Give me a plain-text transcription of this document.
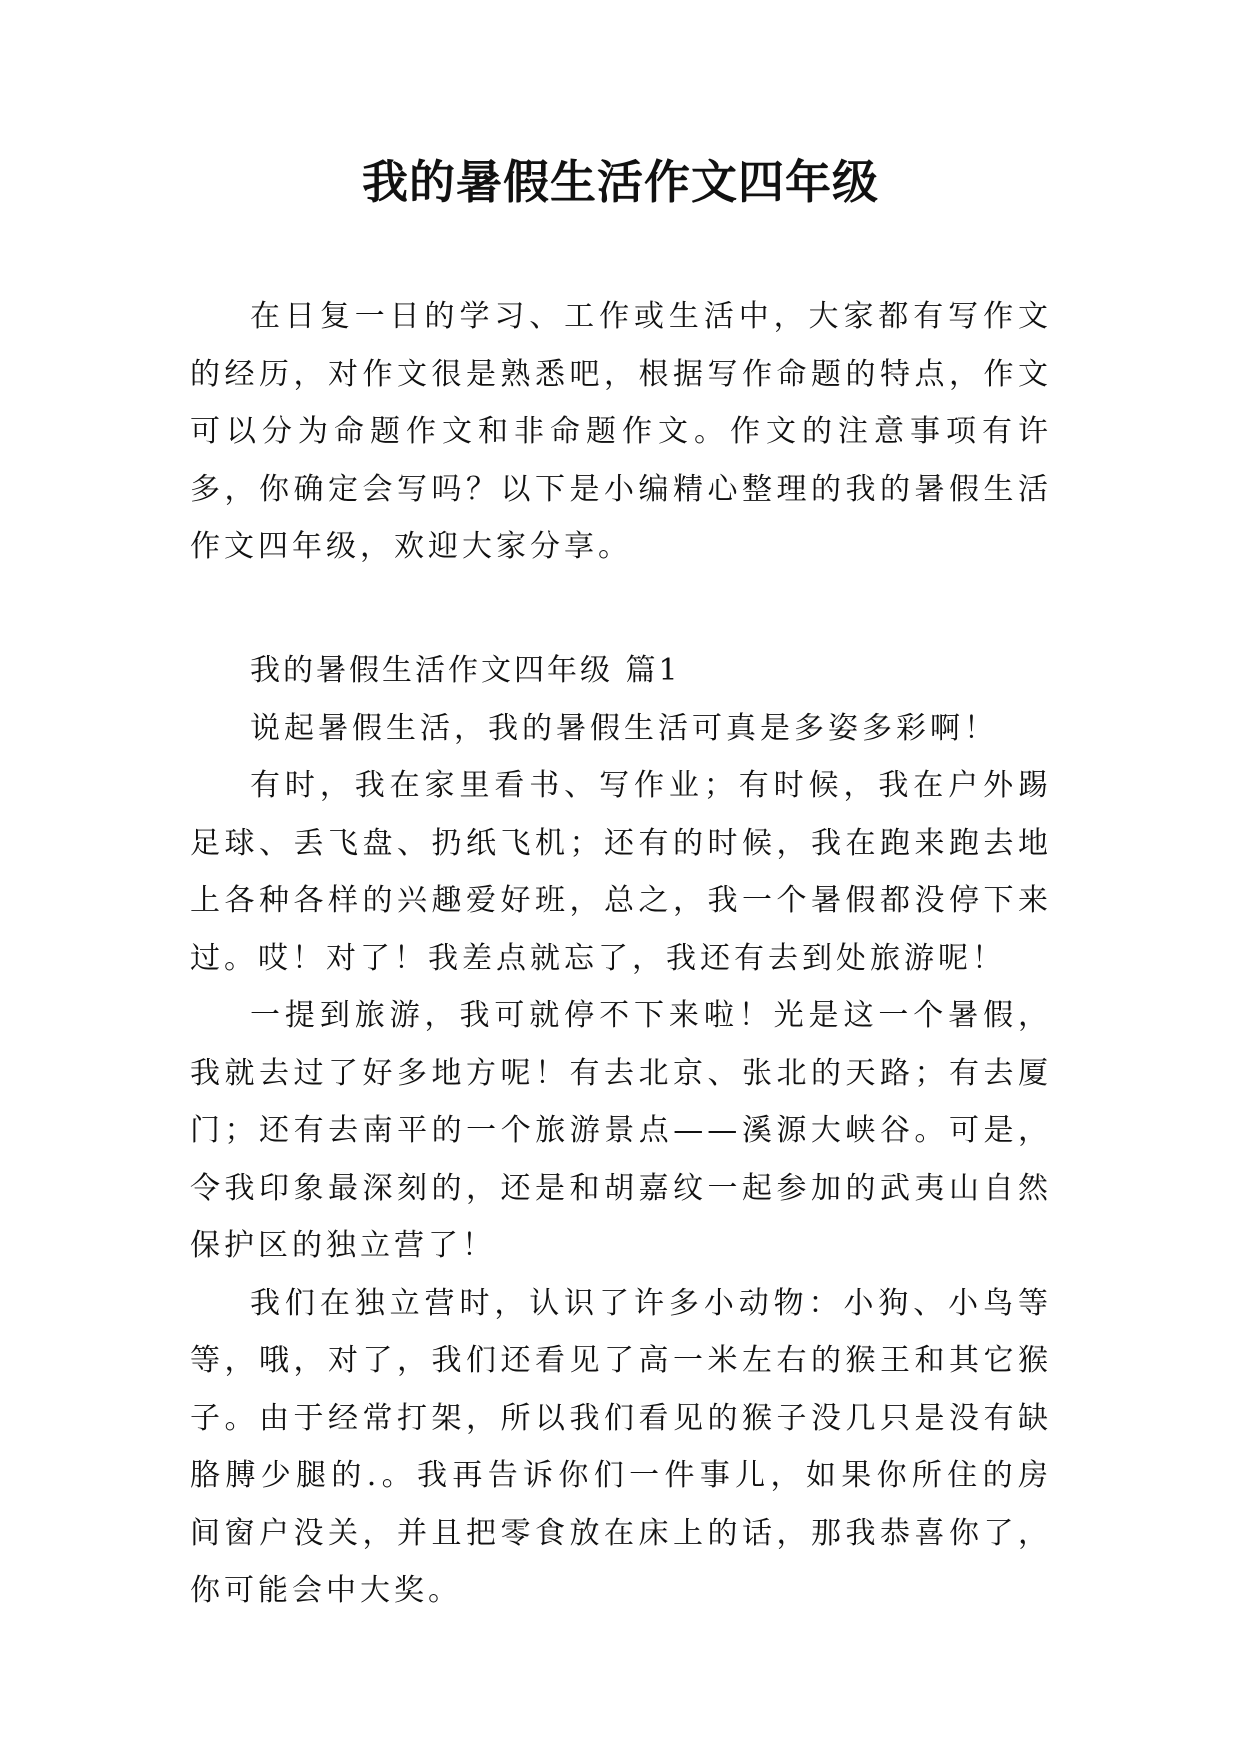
我的暑假生活作文四年级

在日复一日的学习、工作或生活中，大家都有写作文的经历，对作文很是熟悉吧，根据写作命题的特点，作文可以分为命题作文和非命题作文。作文的注意事项有许多，你确定会写吗？以下是小编精心整理的我的暑假生活作文四年级，欢迎大家分享。

我的暑假生活作文四年级 篇1

说起暑假生活，我的暑假生活可真是多姿多彩啊！

有时，我在家里看书、写作业；有时候，我在户外踢足球、丢飞盘、扔纸飞机；还有的时候，我在跑来跑去地上各种各样的兴趣爱好班，总之，我一个暑假都没停下来过。哎！对了！我差点就忘了，我还有去到处旅游呢！

一提到旅游，我可就停不下来啦！光是这一个暑假，我就去过了好多地方呢！有去北京、张北的天路；有去厦门；还有去南平的一个旅游景点——溪源大峡谷。可是，令我印象最深刻的，还是和胡嘉纹一起参加的武夷山自然保护区的独立营了！

我们在独立营时，认识了许多小动物：小狗、小鸟等等，哦，对了，我们还看见了高一米左右的猴王和其它猴子。由于经常打架，所以我们看见的猴子没几只是没有缺胳膊少腿的.。我再告诉你们一件事儿，如果你所住的房间窗户没关，并且把零食放在床上的话，那我恭喜你了，你可能会中大奖。
